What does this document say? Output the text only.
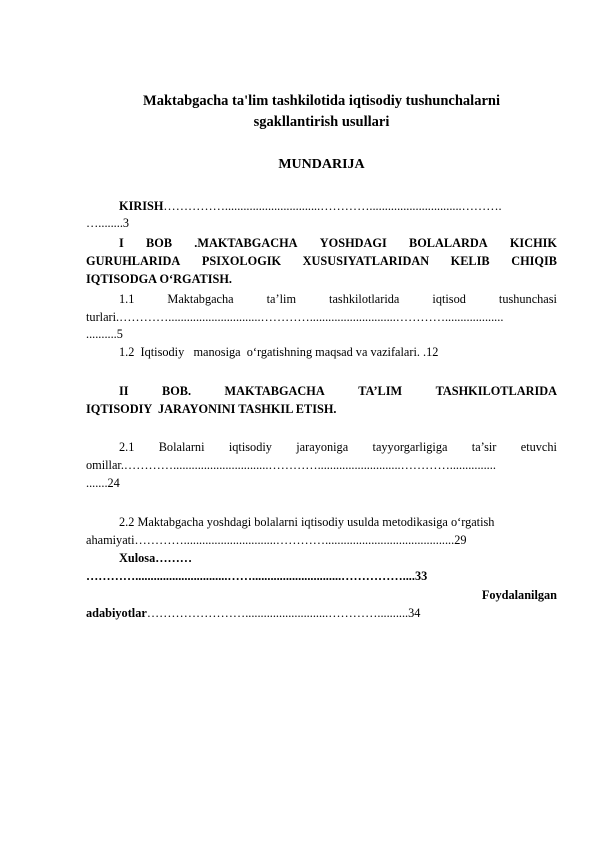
Maktabgacha ta'lim tashkilotida iqtisodiy tushunchalarni
sgakllantirish usullari
MUNDARIJA
KIRISH……………...............................…………..............................……….
…........3
I BOB .MAKTABGACHA YOSHDAGI BOLALARDA KICHIK
GURUHLARIDA PSIXOLOGIK XUSUSIYATLARIDAN KELIB CHIQIB
IQTISODGA OʻRGATISH.
1.1	Maktabgacha	ta’lim	tashkilotlarida	iqtisod	tushunchasi
turlari.…………..............................…………............................…………...................
..........5
1.2  Iqtisodiy   manosiga  oʻrgatishning maqsad va vazifalari. .12
II	BOB.	MAKTABGACHA	TA’LIM	TASHKILOTLARIDA
IQTISODIY  JARAYONINI TASHKIL ETISH.
2.1 Bolalarni iqtisodiy jarayoniga tayyorgarligiga ta’sir etuvchi
omillar.…………...............................…………...........................…………...............
.......24
2.2 Maktabgacha yoshdagi bolalarni iqtisodiy usulda metodikasiga oʻrgatish
ahamiyati…………..............................…………..........................................29
Xulosa………
…………..............................…….............................……………....33
Foydalanilgan
adabiyotlar……………………...........................…………..........34
